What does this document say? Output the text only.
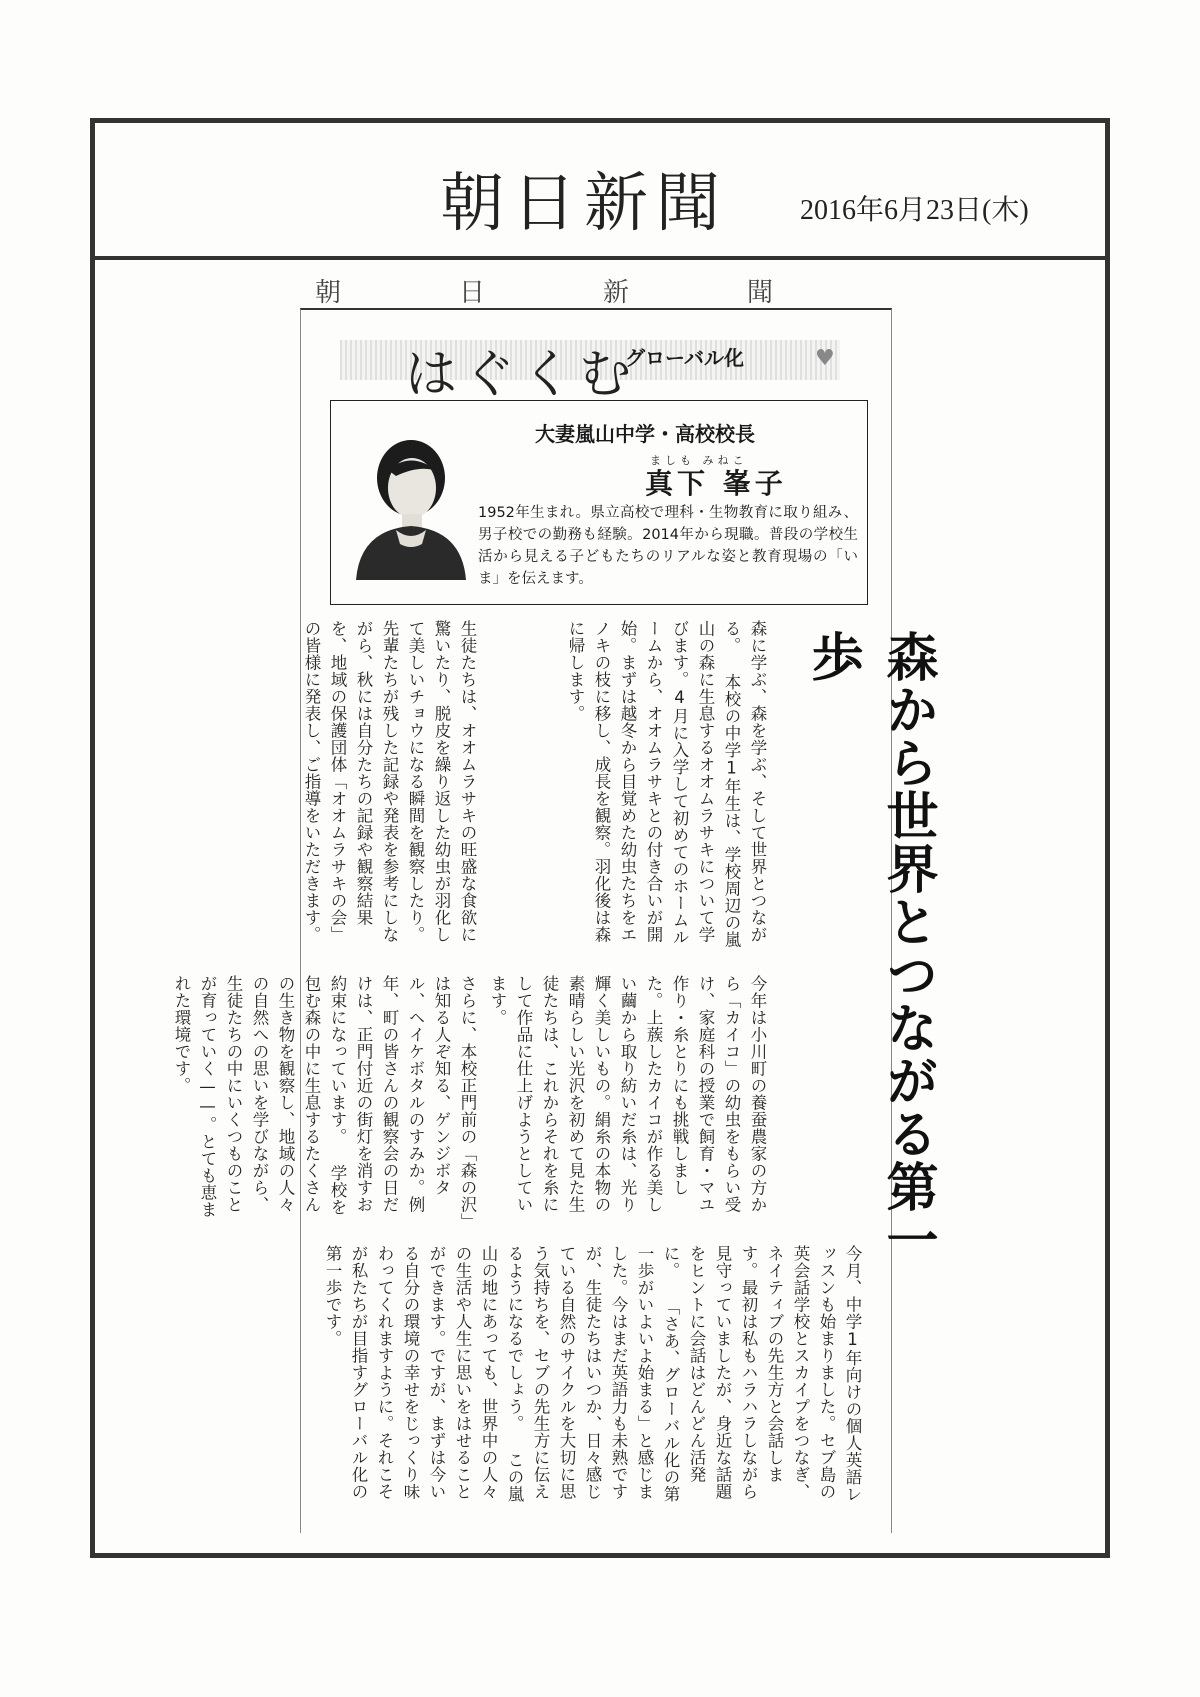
朝日新聞	2016年6月23日(木)
朝	日	新	聞
はぐくむ
グローバル化	♥
大妻嵐山中学・高校校長
ましも みねこ
真下 峯子
1952年生まれ。県立高校で理科・生物教育に取り組み、男子校での勤務も経験。2014年から現職。普段の学校生活から見える子どもたちのリアルな姿と教育現場の「いま」を伝えます。
森から世界とつながる第一歩
森に学ぶ、森を学ぶ、そして世界とつながる。 本校の中学1年生は、学校周辺の嵐山の森に生息するオオムラサキについて学びます。4月に入学して初めてのホームルームから、オオムラサキとの付き合いが開始。まずは越冬から目覚めた幼虫たちをエノキの枝に移し、成長を観察。羽化後は森に帰します。
生徒たちは、オオムラサキの旺盛な食欲に驚いたり、脱皮を繰り返した幼虫が羽化して美しいチョウになる瞬間を観察したり。先輩たちが残した記録や発表を参考にしながら、秋には自分たちの記録や観察結果を、地域の保護団体「オオムラサキの会」の皆様に発表し、ご指導をいただきます。
今年は小川町の養蚕農家の方から「カイコ」の幼虫をもらい受け、家庭科の授業で飼育・マユ作り・糸とりにも挑戦しました。上蔟したカイコが作る美しい繭から取り紡いだ糸は、光り輝く美しいもの。絹糸の本物の素晴らしい光沢を初めて見た生徒たちは、これからそれを糸にして作品に仕上げようとしています。
さらに、本校正門前の「森の沢」は知る人ぞ知る、ゲンジボタル、ヘイケボタルのすみか。例年、町の皆さんの観察会の日だけは、正門付近の街灯を消すお約束になっています。 学校を包む森の中に生息するたくさんの生き物を観察し、地域の人々の自然への思いを学びながら、生徒たちの中にいくつものことが育っていく——。とても恵まれた環境です。
今月、中学1年向けの個人英語レッスンも始まりました。セブ島の英会話学校とスカイプをつなぎ、ネイティブの先生方と会話します。最初は私もハラハラしながら見守っていましたが、身近な話題をヒントに会話はどんどん活発に。 「さあ、グローバル化の第一歩がいよいよ始まる」と感じました。今はまだ英語力も未熟ですが、生徒たちはいつか、日々感じている自然のサイクルを大切に思う気持ちを、セブの先生方に伝えるようになるでしょう。 この嵐山の地にあっても、世界中の人々の生活や人生に思いをはせることができます。ですが、まずは今いる自分の環境の幸せをじっくり味わってくれますように。それこそが私たちが目指すグローバル化の第一歩です。
